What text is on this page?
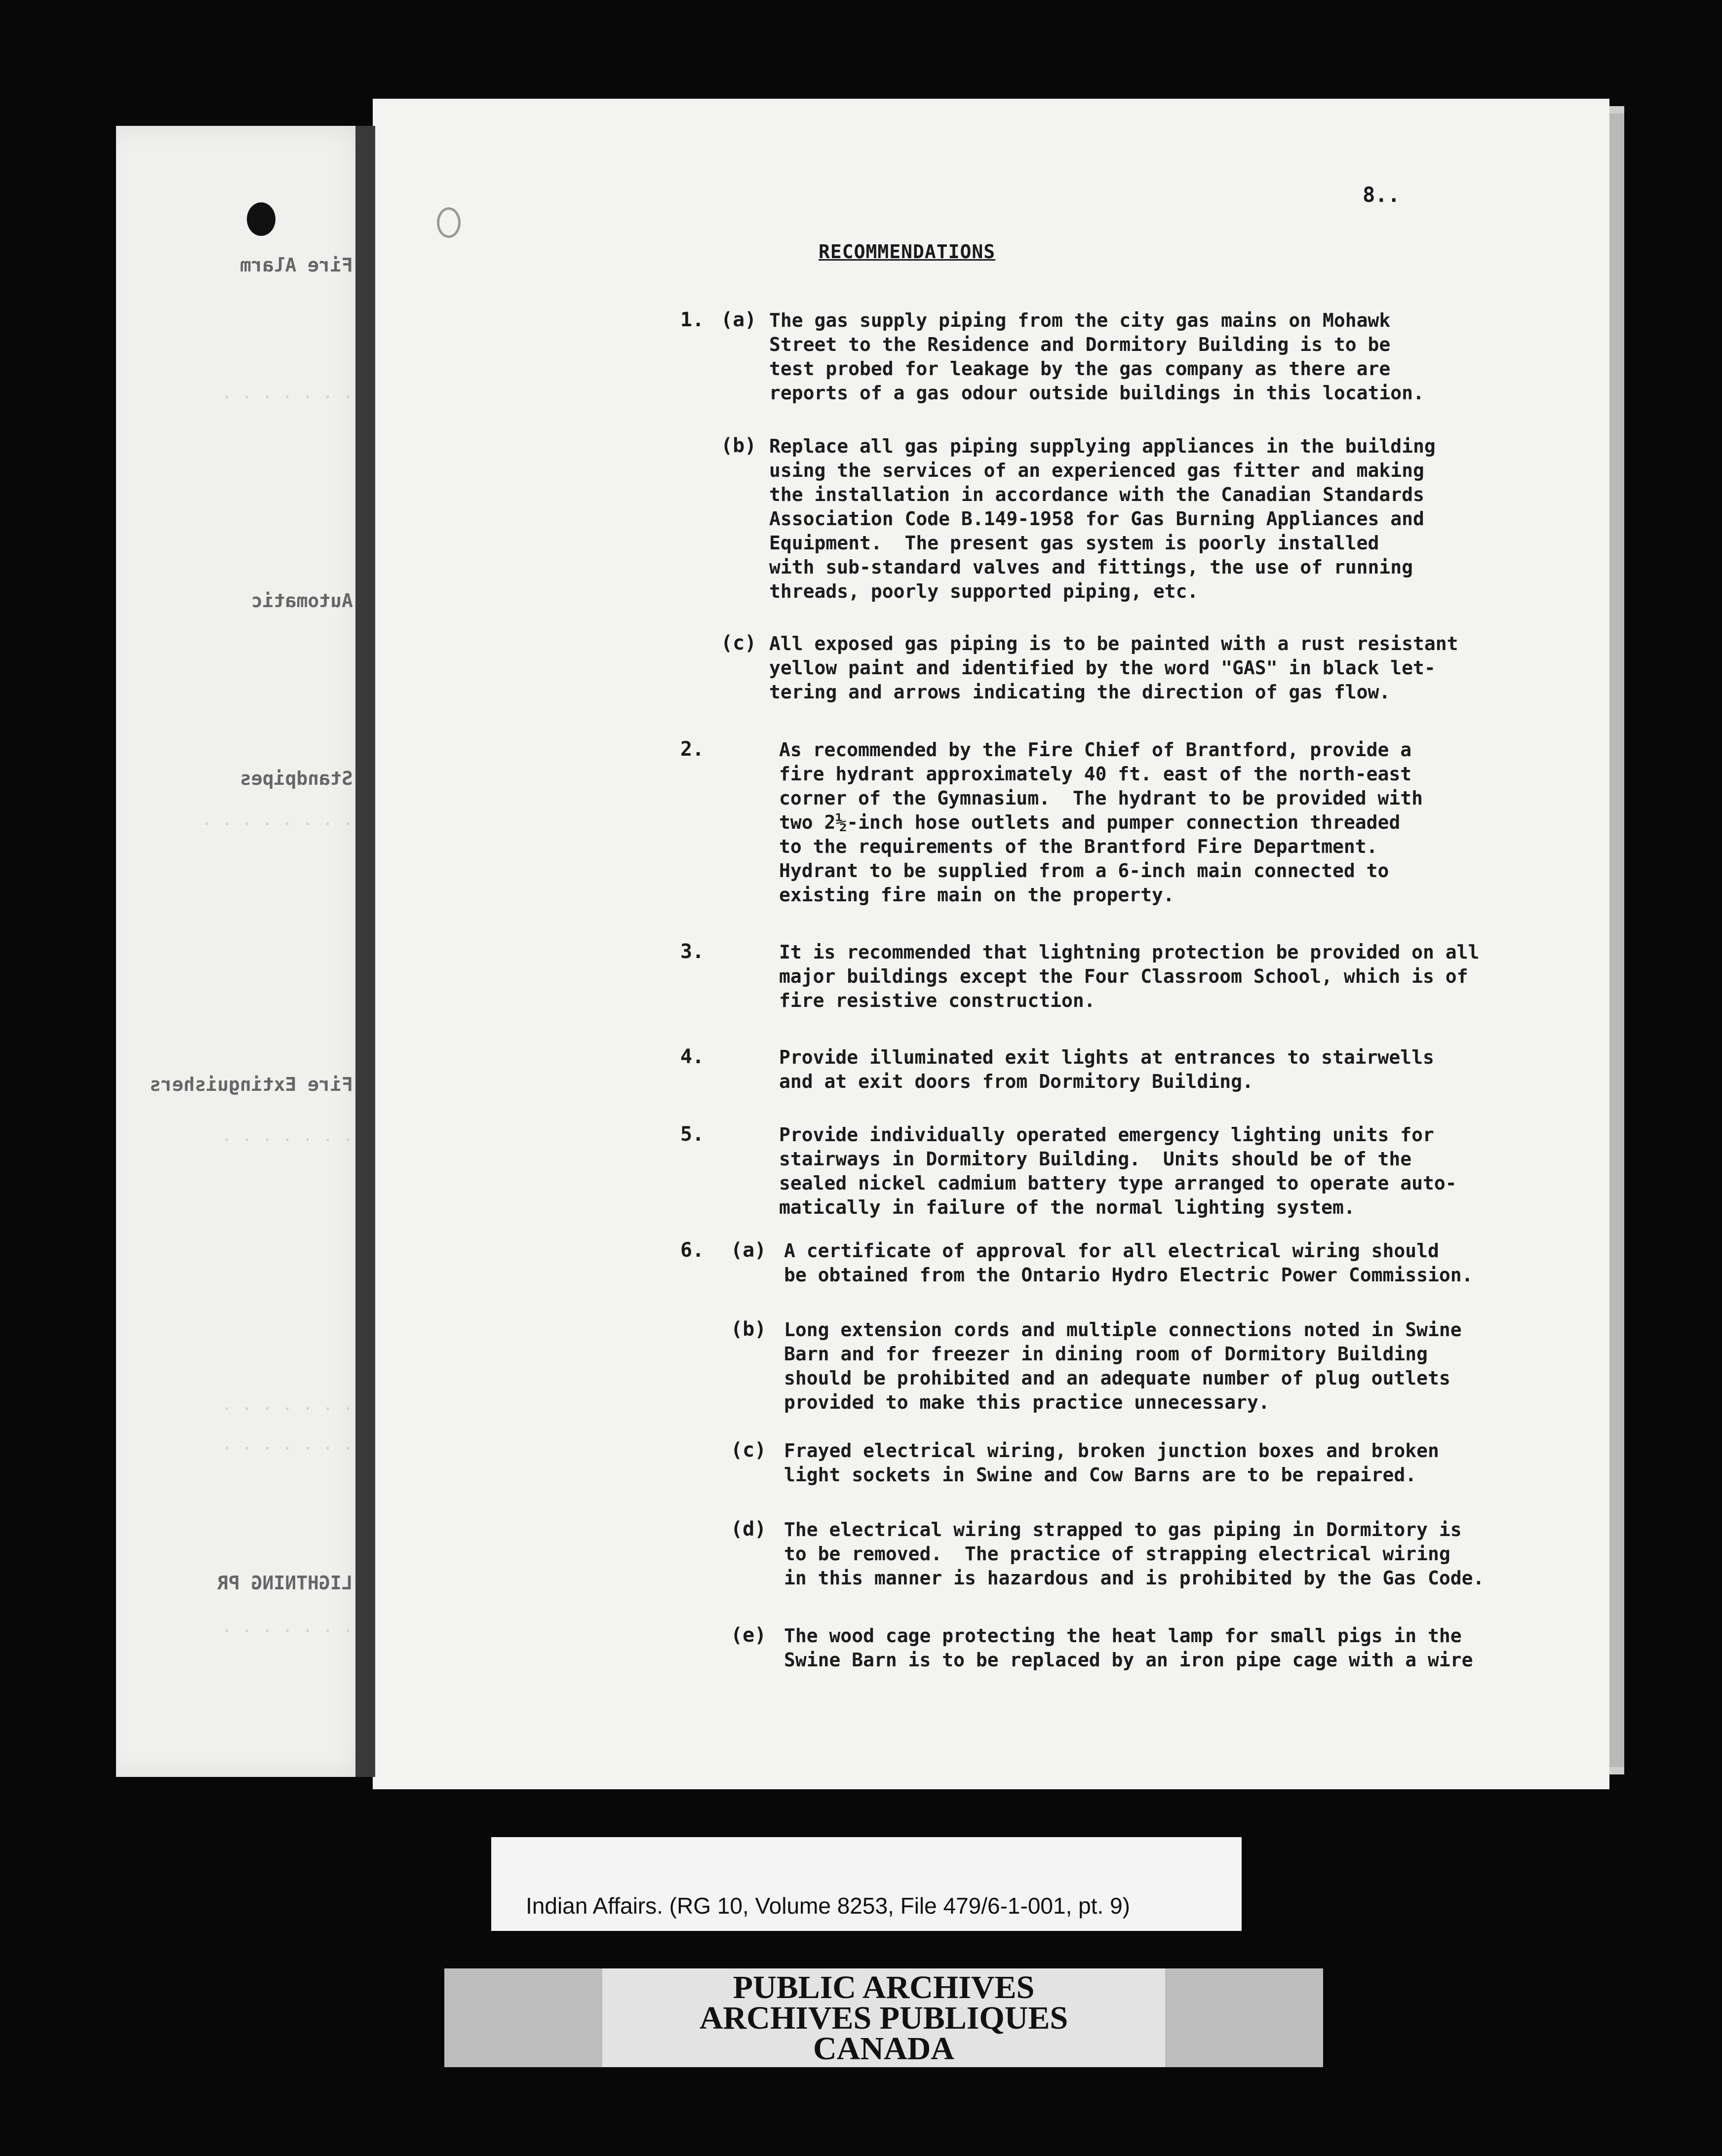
Fire Alarm
· · · · · · ·
Automatic
Standpipes
· · · · · · · ·
Fire Extinguishers
· · · · · · ·
· · · · · · ·
· · · · · · ·
LIGHTNING PR
· · · · · · ·
8..
RECOMMENDATIONS
1. (a) The gas supply piping from the city gas mains on Mohawk
Street to the Residence and Dormitory Building is to be
test probed for leakage by the gas company as there are
reports of a gas odour outside buildings in this location.
(b) Replace all gas piping supplying appliances in the building
using the services of an experienced gas fitter and making
the installation in accordance with the Canadian Standards
Association Code B.149-1958 for Gas Burning Appliances and
Equipment.  The present gas system is poorly installed
with sub-standard valves and fittings, the use of running
threads, poorly supported piping, etc.
(c) All exposed gas piping is to be painted with a rust resistant
yellow paint and identified by the word "GAS" in black let-
tering and arrows indicating the direction of gas flow.
2.	As recommended by the Fire Chief of Brantford, provide a
fire hydrant approximately 40 ft. east of the north-east
corner of the Gymnasium.  The hydrant to be provided with
two 2½-inch hose outlets and pumper connection threaded
to the requirements of the Brantford Fire Department.
Hydrant to be supplied from a 6-inch main connected to
existing fire main on the property.
3.	It is recommended that lightning protection be provided on all
major buildings except the Four Classroom School, which is of
fire resistive construction.
4.	Provide illuminated exit lights at entrances to stairwells
and at exit doors from Dormitory Building.
5.	Provide individually operated emergency lighting units for
stairways in Dormitory Building.  Units should be of the
sealed nickel cadmium battery type arranged to operate auto-
matically in failure of the normal lighting system.
6. (a) A certificate of approval for all electrical wiring should
be obtained from the Ontario Hydro Electric Power Commission.
(b) Long extension cords and multiple connections noted in Swine
Barn and for freezer in dining room of Dormitory Building
should be prohibited and an adequate number of plug outlets
provided to make this practice unnecessary.
(c) Frayed electrical wiring, broken junction boxes and broken
light sockets in Swine and Cow Barns are to be repaired.
(d) The electrical wiring strapped to gas piping in Dormitory is
to be removed.  The practice of strapping electrical wiring
in this manner is hazardous and is prohibited by the Gas Code.
(e) The wood cage protecting the heat lamp for small pigs in the
Swine Barn is to be replaced by an iron pipe cage with a wire
Indian Affairs. (RG 10, Volume 8253, File 479/6-1-001, pt. 9)
PUBLIC ARCHIVES
ARCHIVES PUBLIQUES
CANADA
